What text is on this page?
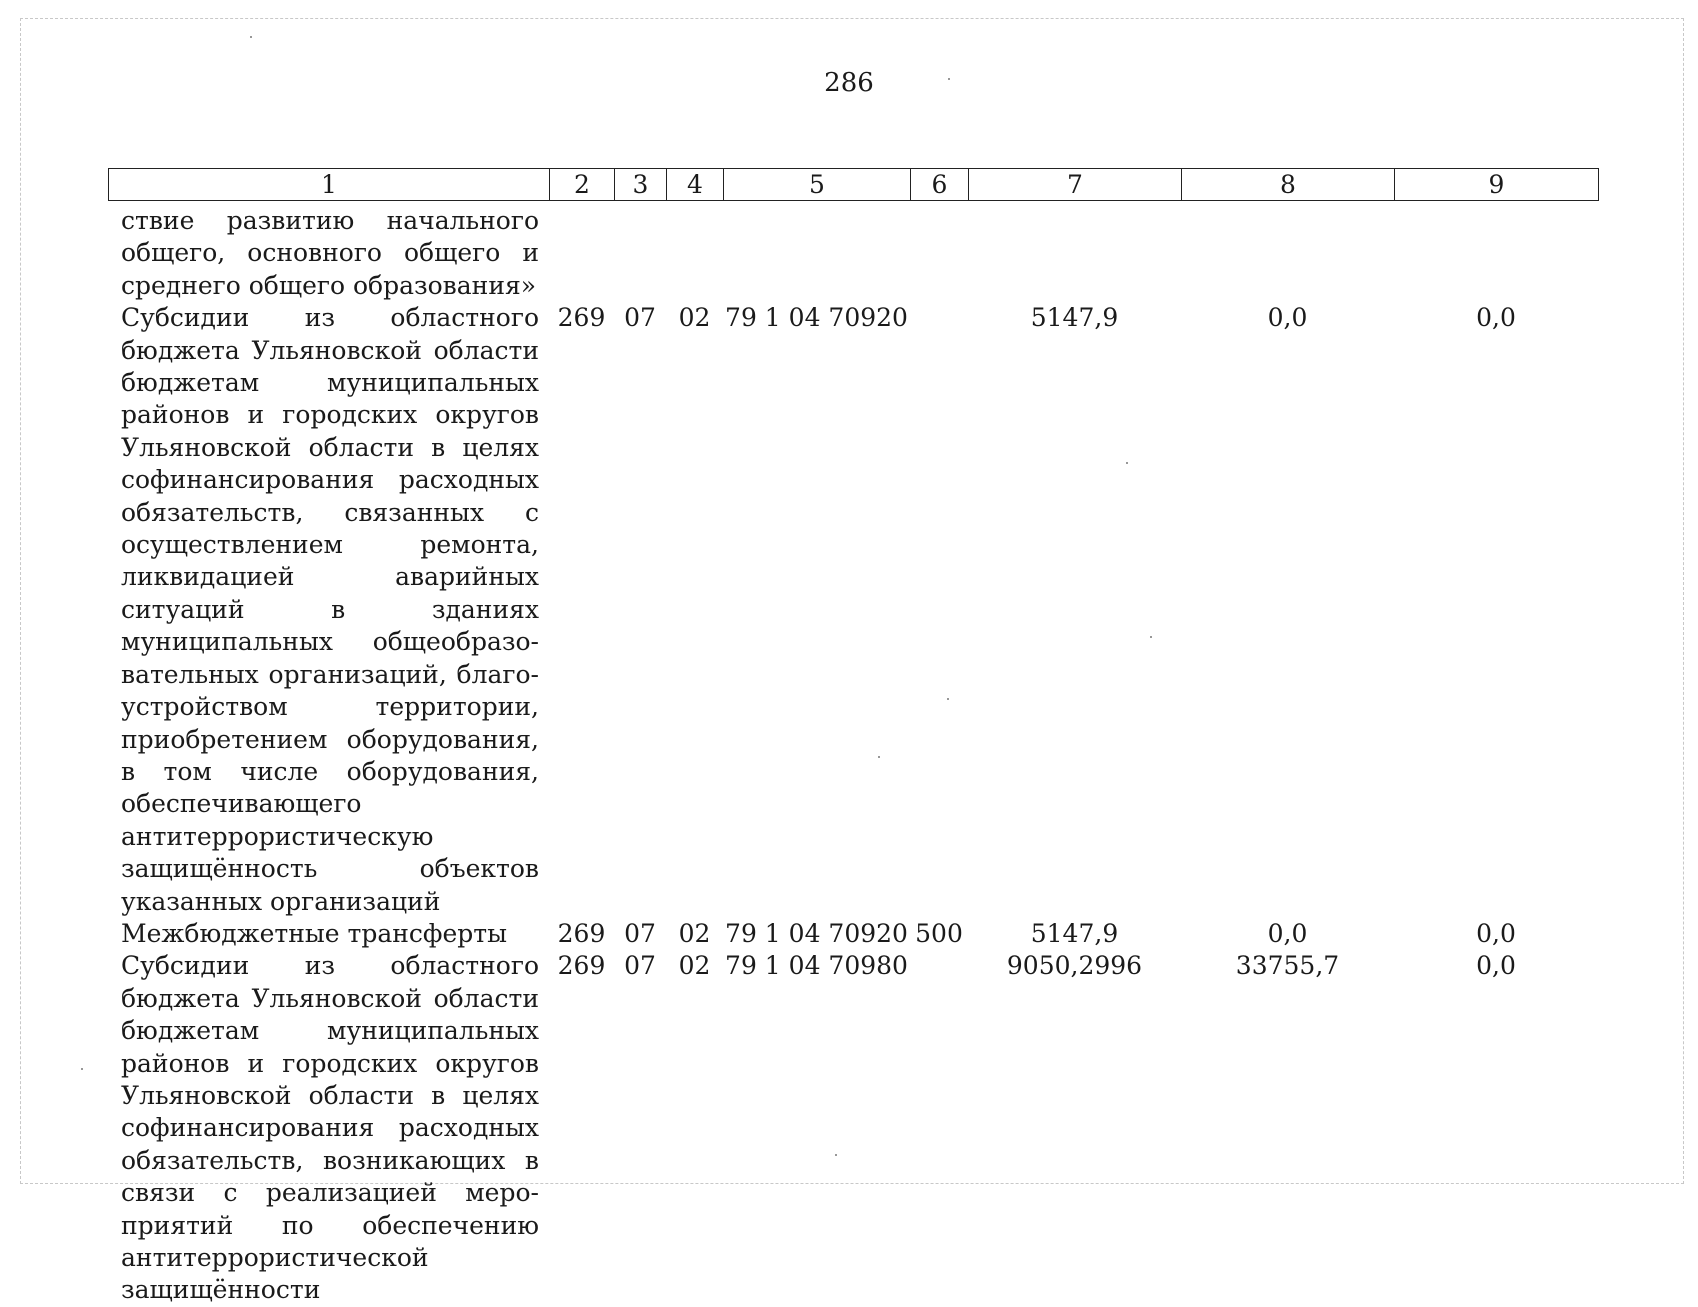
286
1	2	3	4	5	6	7	8	9
ствие развитию начального общего, основного общего и среднего общего образования»								
Субсидии из областного бюджета Ульяновской области бюджетам муниципальных районов и городских округов Ульяновской области в целях софинансирования расходных обязательств, связанных с осуществлением ремонта, ликвидацией аварийных ситуаций в зданиях муниципальных общеобразовательных организаций, благоустройством территории, приобретением оборудования, в том числе оборудования, обеспечивающего антитеррористическую защищённость объектов указанных организаций	269	07	02	79 1 04 70920		5147,9	0,0	0,0
Межбюджетные трансферты	269	07	02	79 1 04 70920	500	5147,9	0,0	0,0
Субсидии из областного бюджета Ульяновской области бюджетам муниципальных районов и городских округов Ульяновской области в целях софинансирования расходных обязательств, возникающих в связи с реализацией мероприятий по обеспечению антитеррористической защищённости	269	07	02	79 1 04 70980		9050,2996	33755,7	0,0
